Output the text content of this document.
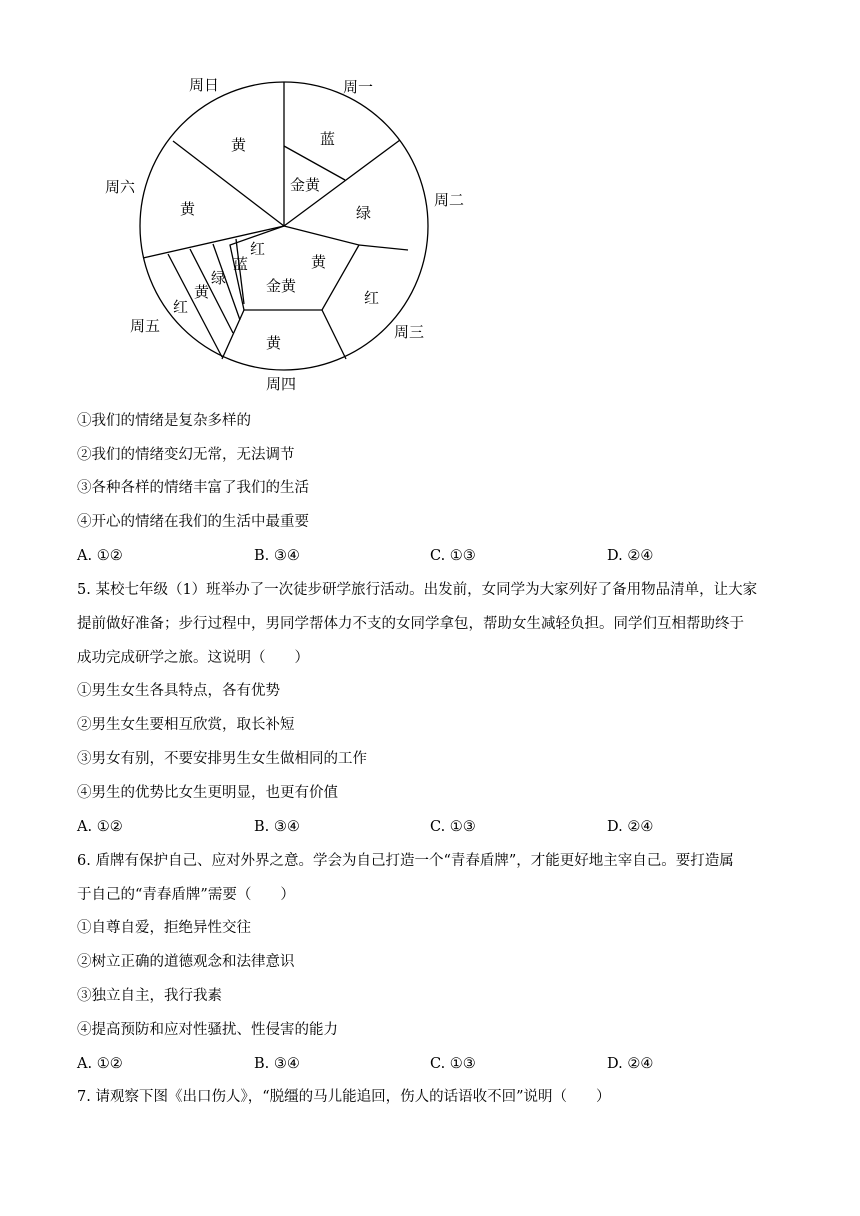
周一
周二
周三
周四
周五
周六
周日
蓝
金黄
绿
黄
红
黄
金黄
黄
红
黄
绿
蓝
红
黄
①我们的情绪是复杂多样的
②我们的情绪变幻无常，无法调节
③各种各样的情绪丰富了我们的生活
④开心的情绪在我们的生活中最重要
A. ①②	B. ③④	C. ①③	D. ②④
5. 某校七年级（1）班举办了一次徒步研学旅行活动。出发前，女同学为大家列好了备用物品清单，让大家
提前做好准备；步行过程中，男同学帮体力不支的女同学拿包，帮助女生减轻负担。同学们互相帮助终于
成功完成研学之旅。这说明（　　）
①男生女生各具特点，各有优势
②男生女生要相互欣赏，取长补短
③男女有别，不要安排男生女生做相同的工作
④男生的优势比女生更明显，也更有价值
A. ①②	B. ③④	C. ①③	D. ②④
6. 盾牌有保护自己、应对外界之意。学会为自己打造一个“青春盾牌”，才能更好地主宰自己。要打造属
于自己的“青春盾牌”需要（　　）
①自尊自爱，拒绝异性交往
②树立正确的道德观念和法律意识
③独立自主，我行我素
④提高预防和应对性骚扰、性侵害的能力
A. ①②	B. ③④	C. ①③	D. ②④
7. 请观察下图《出口伤人》，“脱缰的马儿能追回，伤人的话语收不回”说明（　　）
